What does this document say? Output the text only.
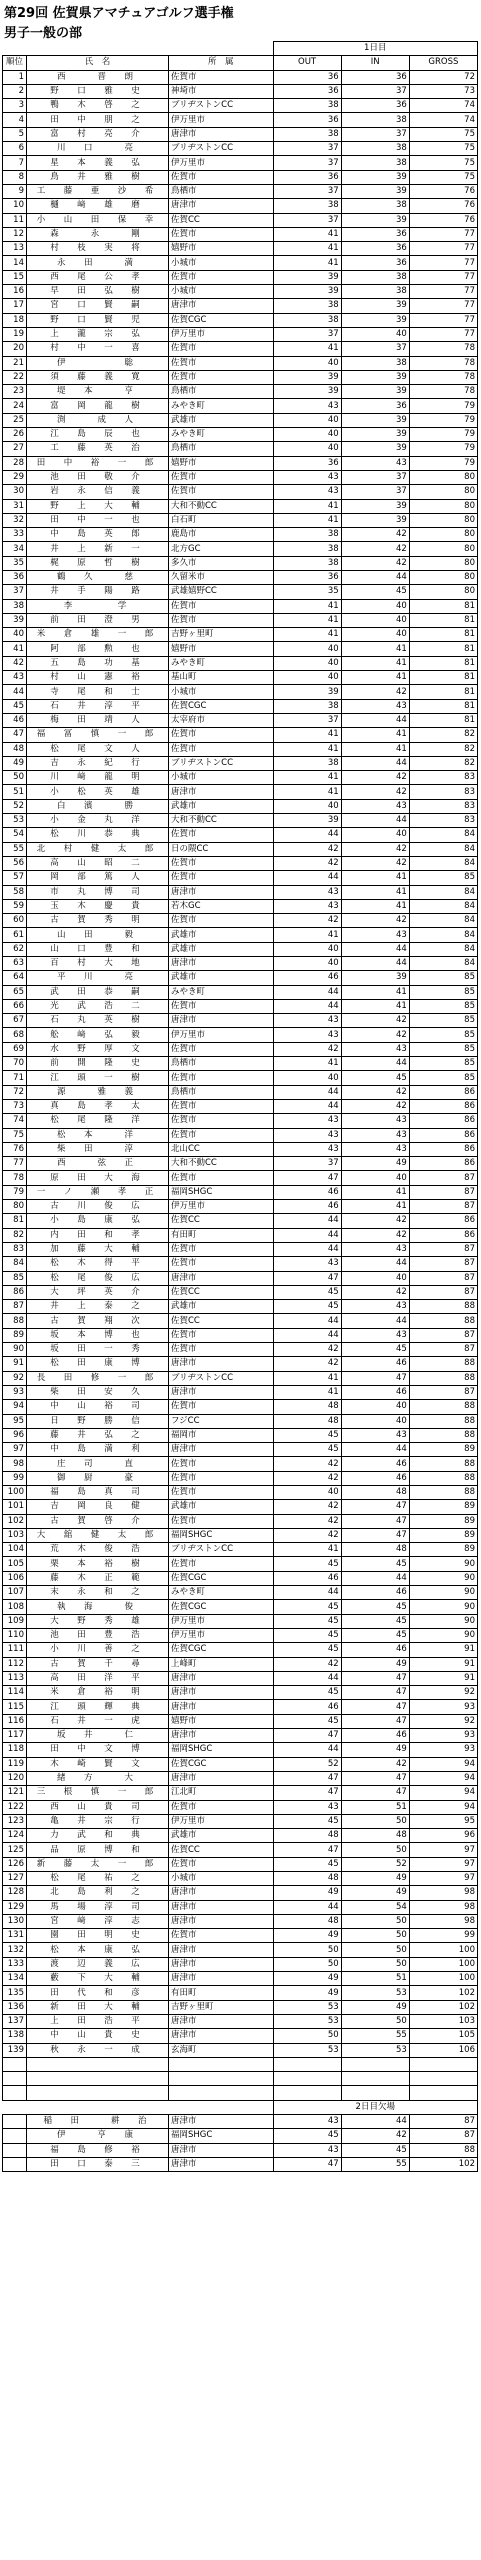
第29回 佐賀県アマチュアゴルフ選手権
男子一般の部
			1日目		
順位	氏　名	所　属	OUT	IN	GROSS
1	西　　晋　朗	佐賀市	36	36	72
2	野　口　雅　史	神埼市	36	37	73
3	鴨　木　啓　之	ブリヂストンCC	38	36	74
4	田　中　朋　之	伊万里市	36	38	74
5	富　村　亮　介	唐津市	38	37	75
6	川　口　　亮	ブリヂストンCC	37	38	75
7	星　本　義　弘	伊万里市	37	38	75
8	鳥　井　雅　樹	佐賀市	36	39	75
9	工　藤　亜　沙　希	鳥栖市	37	39	76
10	樋　﨑　雄　磨	唐津市	38	38	76
11	小　山　田　保　幸	佐賀CC	37	39	76
12	森　　永　　剛	佐賀市	41	36	77
13	村　枝　実　将	嬉野市	41	36	77
14	永　田　　満	小城市	41	36	77
15	西　尾　公　孝	佐賀市	39	38	77
16	早　田　弘　樹	小城市	39	38	77
17	宮　口　賢　嗣	唐津市	38	39	77
18	野　口　賢　児	佐賀CGC	38	39	77
19	上　瀧　宗　弘	伊万里市	37	40	77
20	村　中　一　喜	佐賀市	41	37	78
21	伊　　　　聡	佐賀市	40	38	78
22	須　藤　義　寛	佐賀市	39	39	78
23	堤　本　　亨	鳥栖市	39	39	78
24	富　岡　龍　樹	みやき町	43	36	79
25	渕　　成　人	武雄市	40	39	79
26	江　島　辰　也	みやき町	40	39	79
27	工　藤　英　治	鳥栖市	40	39	79
28	田　中　裕　一　郎	嬉野市	36	43	79
29	池　田　敬　介	佐賀市	43	37	80
30	岩　永　信　義	佐賀市	43	37	80
31	野　上　大　輔	大和不動CC	41	39	80
32	田　中　一　也	白石町	41	39	80
33	中　島　英　郎	鹿島市	38	42	80
34	井　上　新　一	北方GC	38	42	80
35	梶　原　哲　樹	多久市	38	42	80
36	鶴　久　　慈	久留米市	36	44	80
37	井　手　陽　路	武雄嬉野CC	35	45	80
38	李　　　学	佐賀市	41	40	81
39	前　田　澄　男	佐賀市	41	40	81
40	米　倉　雄　一　郎	吉野ヶ里町	41	40	81
41	阿　部　勲　也	嬉野市	40	41	81
42	五　島　功　基	みやき町	40	41	81
43	村　山　憲　裕	基山町	40	41	81
44	寺　尾　和　士	小城市	39	42	81
45	石　井　淳　平	佐賀CGC	38	43	81
46	梅　田　靖　人	太宰府市	37	44	81
47	福　冨　慎　一　郎	佐賀市	41	41	82
48	松　尾　文　人	佐賀市	41	41	82
49	吉　永　紀　行	ブリヂストンCC	38	44	82
50	川　﨑　龍　明	小城市	41	42	83
51	小　松　英　雄	唐津市	41	42	83
52	白　濱　　勝	武雄市	40	43	83
53	小　金　丸　洋	大和不動CC	39	44	83
54	松　川　恭　典	佐賀市	44	40	84
55	北　村　健　太　郎	日の隈CC	42	42	84
56	高　山　昭　二	佐賀市	42	42	84
57	岡　部　篤　人	佐賀市	44	41	85
58	市　丸　博　司	唐津市	43	41	84
59	玉　木　慶　貴	若木GC	43	41	84
60	古　賀　秀　明	佐賀市	42	42	84
61	山　田　　毅	武雄市	41	43	84
62	山　口　豊　和	武雄市	40	44	84
63	百　村　大　地	唐津市	40	44	84
64	平　川　　亮	武雄市	46	39	85
65	武　田　恭　嗣	みやき町	44	41	85
66	光　武　浩　二	佐賀市	44	41	85
67	石　丸　英　樹	唐津市	43	42	85
68	舩　﨑　弘　毅	伊万里市	43	42	85
69	水　野　厚　文	佐賀市	42	43	85
70	前　開　隆　史	鳥栖市	41	44	85
71	江　頭　一　樹	佐賀市	40	45	85
72	源　　雅　義	鳥栖市	44	42	86
73	真　島　孝　太	佐賀市	44	42	86
74	松　尾　隆　洋	佐賀市	43	43	86
75	松　本　　洋	佐賀市	43	43	86
76	柴　田　　淳	北山CC	43	43	86
77	西　　弦　正	大和不動CC	37	49	86
78	原　田　大　海	佐賀市	47	40	87
79	一　ノ　瀬　孝　正	福岡SHGC	46	41	87
80	古　川　俊　広	伊万里市	46	41	87
81	小　島　康　弘	佐賀CC	44	42	86
82	内　田　和　孝	有田町	44	42	86
83	加　藤　大　輔	佐賀市	44	43	87
84	松　木　得　平	佐賀市	43	44	87
85	松　尾　俊　広	唐津市	47	40	87
86	大　坪　英　介	佐賀CC	45	42	87
87	井　上　泰　之	武雄市	45	43	88
88	古　賀　翔　次	佐賀CC	44	44	88
89	坂　本　博　也	佐賀市	44	43	87
90	坂　田　一　秀	佐賀市	42	45	87
91	松　田　康　博	唐津市	42	46	88
92	長　田　修　一　郎	ブリヂストンCC	41	47	88
93	柴　田　安　久	唐津市	41	46	87
94	中　山　裕　司	佐賀市	48	40	88
95	日　野　勝　信	フジCC	48	40	88
96	藤　井　弘　之	福岡市	45	43	88
97	中　島　満　利	唐津市	45	44	89
98	庄　司　　直	佐賀市	42	46	88
99	御　厨　　豪	佐賀市	42	46	88
100	福　島　真　司	佐賀市	40	48	88
101	吉　岡　良　健	武雄市	42	47	89
102	古　賀　啓　介	佐賀市	42	47	89
103	大　舘　健　太　郎	福岡SHGC	42	47	89
104	荒　木　俊　浩	ブリヂストンCC	41	48	89
105	栗　本　裕　樹	佐賀市	45	45	90
106	藤　木　正　範	佐賀CGC	46	44	90
107	末　永　和　之	みやき町	44	46	90
108	執　海　　俊	佐賀CGC	45	45	90
109	大　野　秀　雄	伊万里市	45	45	90
110	池　田　豊　浩	伊万里市	45	45	90
111	小　川　善　之	佐賀CGC	45	46	91
112	古　賀　千　尋	上峰町	42	49	91
113	高　田　洋　平	唐津市	44	47	91
114	米　倉　裕　明	唐津市	45	47	92
115	江　頭　輝　典	唐津市	46	47	93
116	石　井　一　虎	嬉野市	45	47	92
117	坂　井　　仁	唐津市	47	46	93
118	田　中　文　博	福岡SHGC	44	49	93
119	木　崎　賢　文	佐賀CGC	52	42	94
120	緒　方　　大	唐津市	47	47	94
121	三　根　慎　一　郎	江北町	47	47	94
122	西　山　貴　司	佐賀市	43	51	94
123	亀　井　宗　行	伊万里市	45	50	95
124	力　武　和　典	武雄市	48	48	96
125	品　原　博　和	佐賀CC	47	50	97
126	新　藤　太　一　郎	佐賀市	45	52	97
127	松　尾　祐　之	小城市	48	49	97
128	北　島　利　之	唐津市	49	49	98
129	馬　場　淳　司	唐津市	44	54	98
130	宮　﨑　淳　志	唐津市	48	50	98
131	園　田　明　史	佐賀市	49	50	99
132	松　本　康　弘	唐津市	50	50	100
133	渡　辺　義　広	唐津市	50	50	100
134	藪　下　大　輔	唐津市	49	51	100
135	田　代　和　彦	有田町	49	53	102
136	新　田　大　輔	吉野ヶ里町	53	49	102
137	上　田　浩　平	唐津市	53	50	103
138	中　山　貴　史	唐津市	50	55	105
139	秋　永　一　成	玄海町	53	53	106

			2日目欠場		
	稲　田　　耕　治	唐津市	43	44	87
	伊　　亨　康	福岡SHGC	45	42	87
	福　島　修　裕	唐津市	43	45	88
	田　口　泰　三	唐津市	47	55	102
